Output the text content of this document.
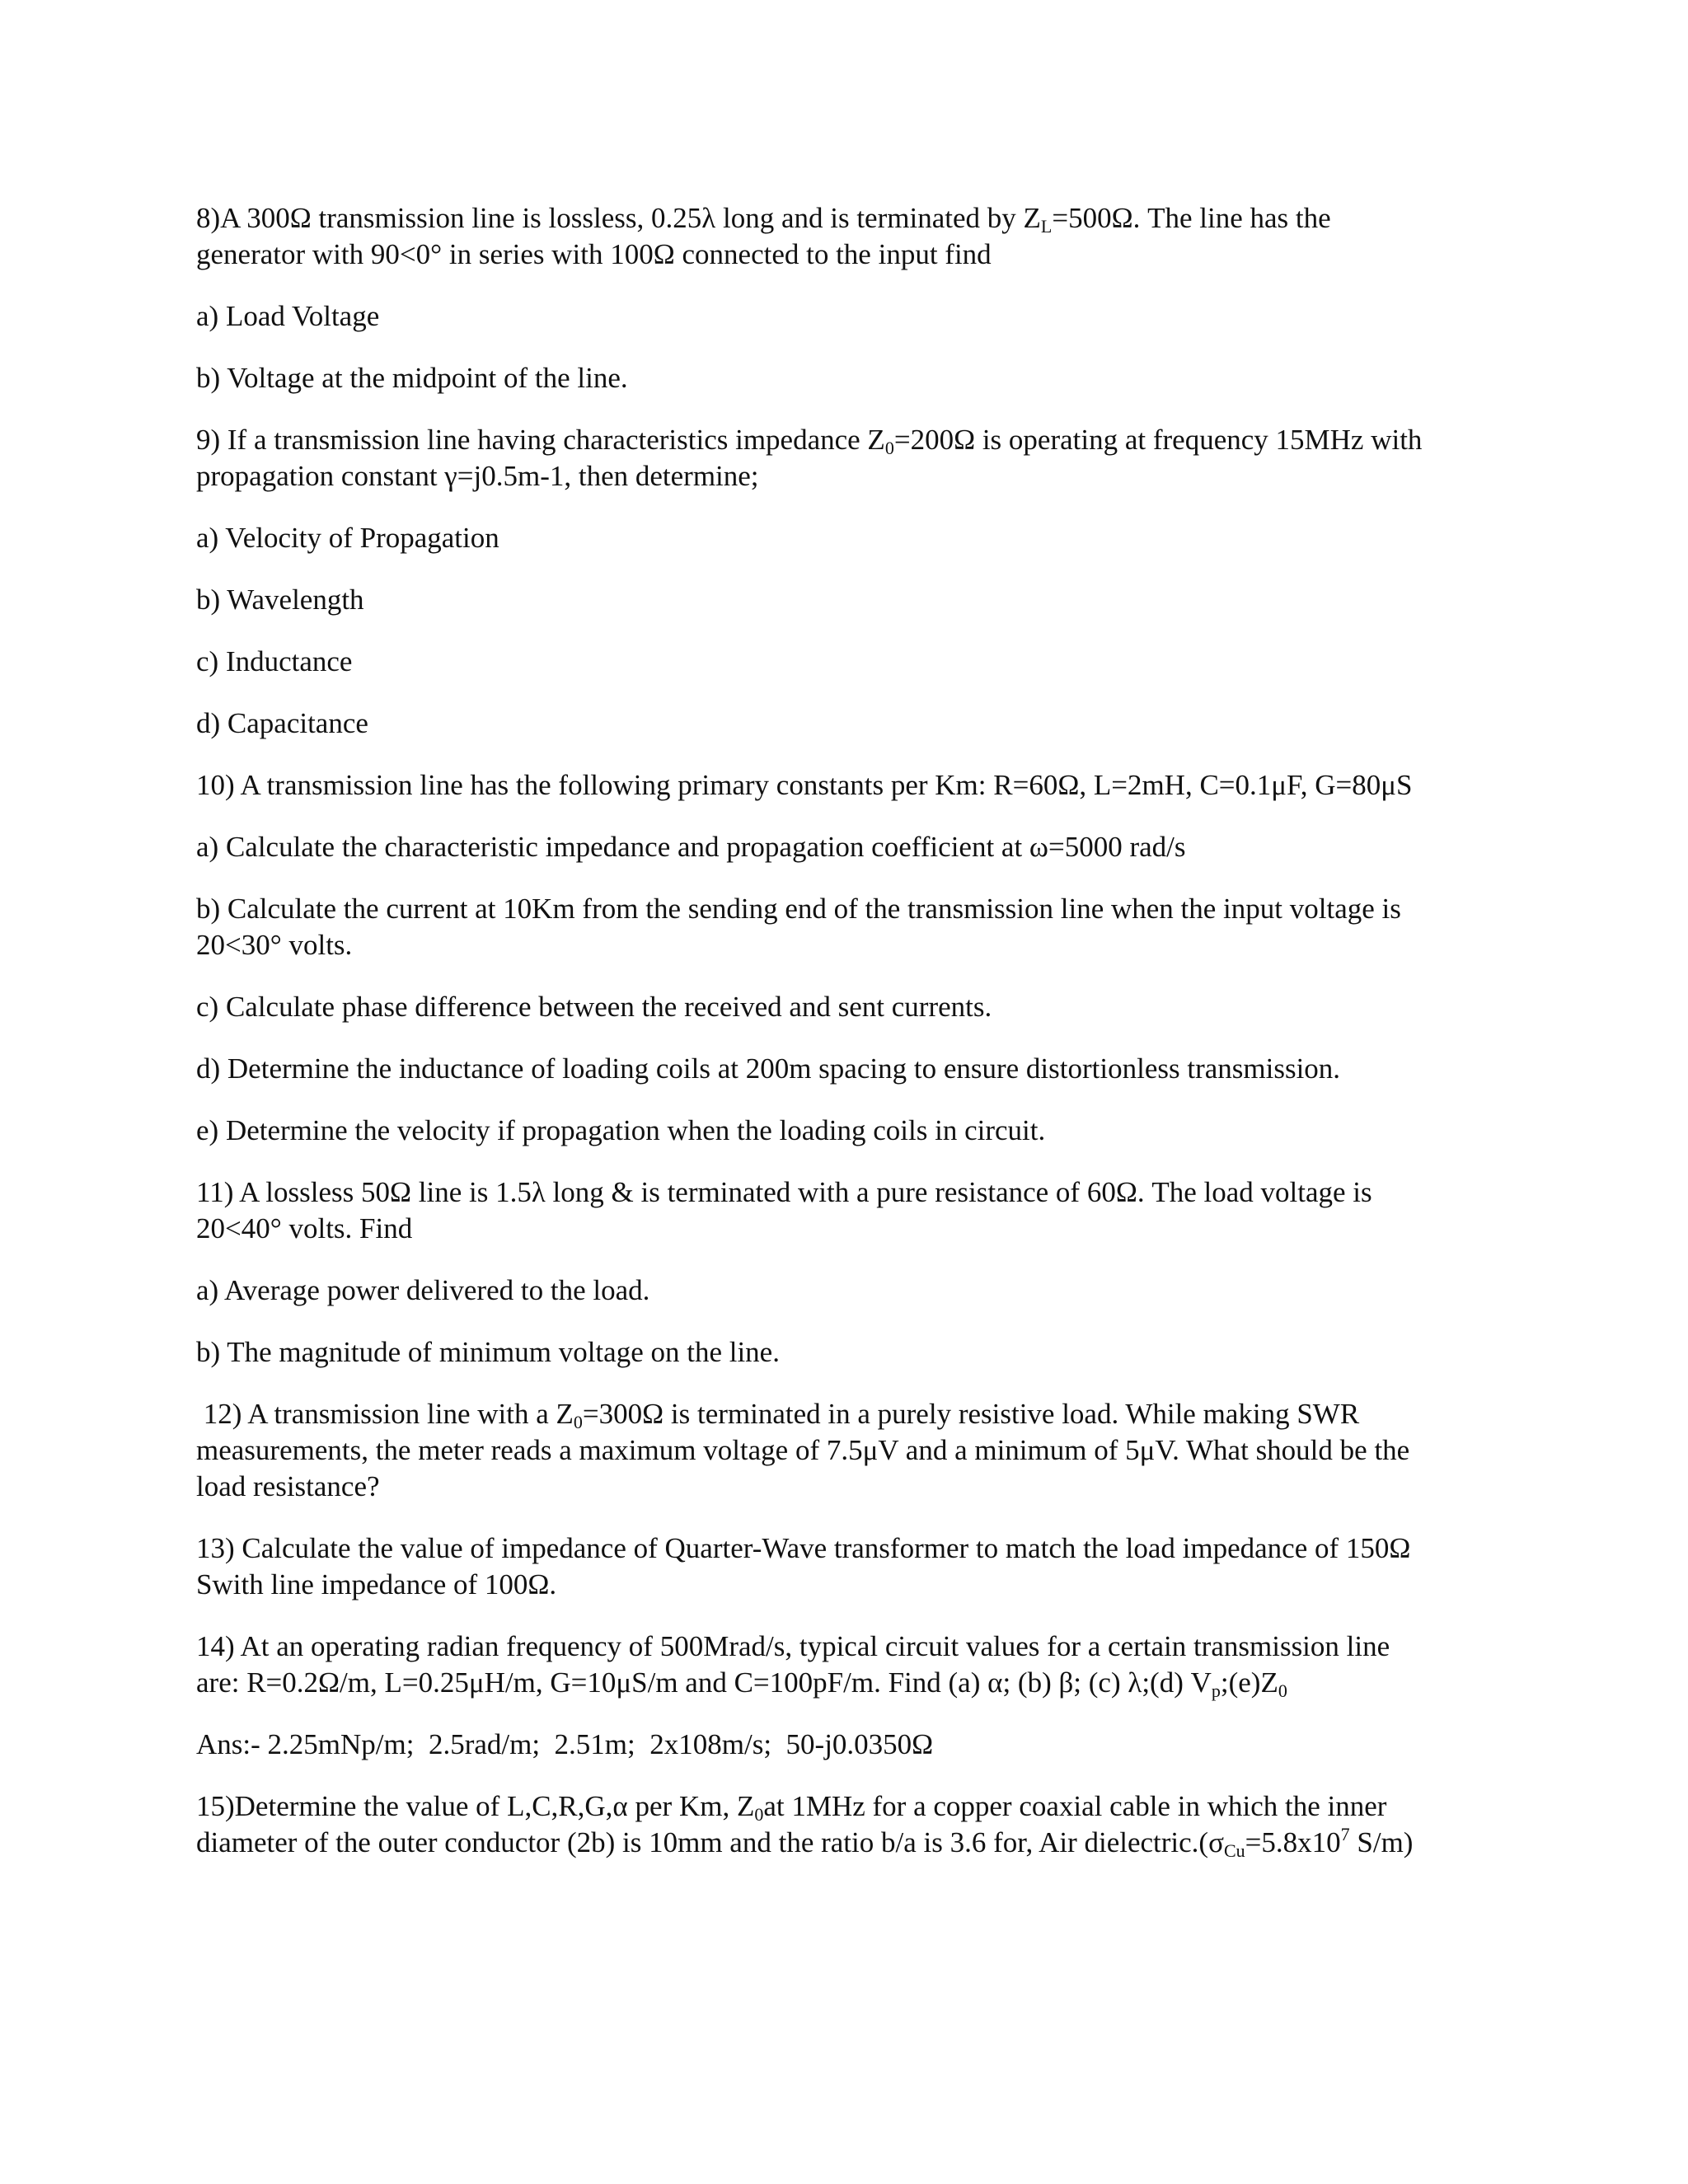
8)A 300Ω transmission line is lossless, 0.25λ long and is terminated by $Z_L=500\Omega$. The line has the

generator with 90<0° in series with 100Ω connected to the input find

a) Load Voltage

b) Voltage at the midpoint of the line.

9) If a transmission line having characteristics impedance $Z_0=200\Omega$ is operating at frequency 15MHz with

propagation constant γ=j0.5m-1, then determine;

a) Velocity of Propagation

b) Wavelength

c) Inductance

d) Capacitance

10) A transmission line has the following primary constants per Km: R=60Ω, L=2mH, C=0.1μF, G=80μS

a) Calculate the characteristic impedance and propagation coefficient at ω=5000 rad/s

b) Calculate the current at 10Km from the sending end of the transmission line when the input voltage is

20<30° volts.

c) Calculate phase difference between the received and sent currents.

d) Determine the inductance of loading coils at 200m spacing to ensure distortionless transmission.

e) Determine the velocity if propagation when the loading coils in circuit.

11) A lossless 50Ω line is 1.5λ long & is terminated with a pure resistance of 60Ω. The load voltage is

20<40° volts. Find

a) Average power delivered to the load.

b) The magnitude of minimum voltage on the line.

12) A transmission line with a $Z_0=300\Omega$ is terminated in a purely resistive load. While making SWR

measurements, the meter reads a maximum voltage of 7.5μV and a minimum of 5μV. What should be the

load resistance?

13) Calculate the value of impedance of Quarter-Wave transformer to match the load impedance of 150Ω

Swith line impedance of 100Ω.

14) At an operating radian frequency of 500Mrad/s, typical circuit values for a certain transmission line

are: R=0.2Ω/m, L=0.25μH/m, G=10μS/m and C=100pF/m. Find (a) α; (b) β; (c) λ;(d) $V_p;(e)Z_0$

Ans:- 2.25mNp/m;  2.5rad/m;  2.51m;  2x108m/s;  50-j0.0350Ω

15)Determine the value of L,C,R,G,α per Km, $Z_0at$ 1MHz for a copper coaxial cable in which the inner

diameter of the outer conductor (2b) is 10mm and the ratio b/a is 3.6 for, Air $dielectric.(\sigma_{Cu}=5.8x10^7$ S/m)
